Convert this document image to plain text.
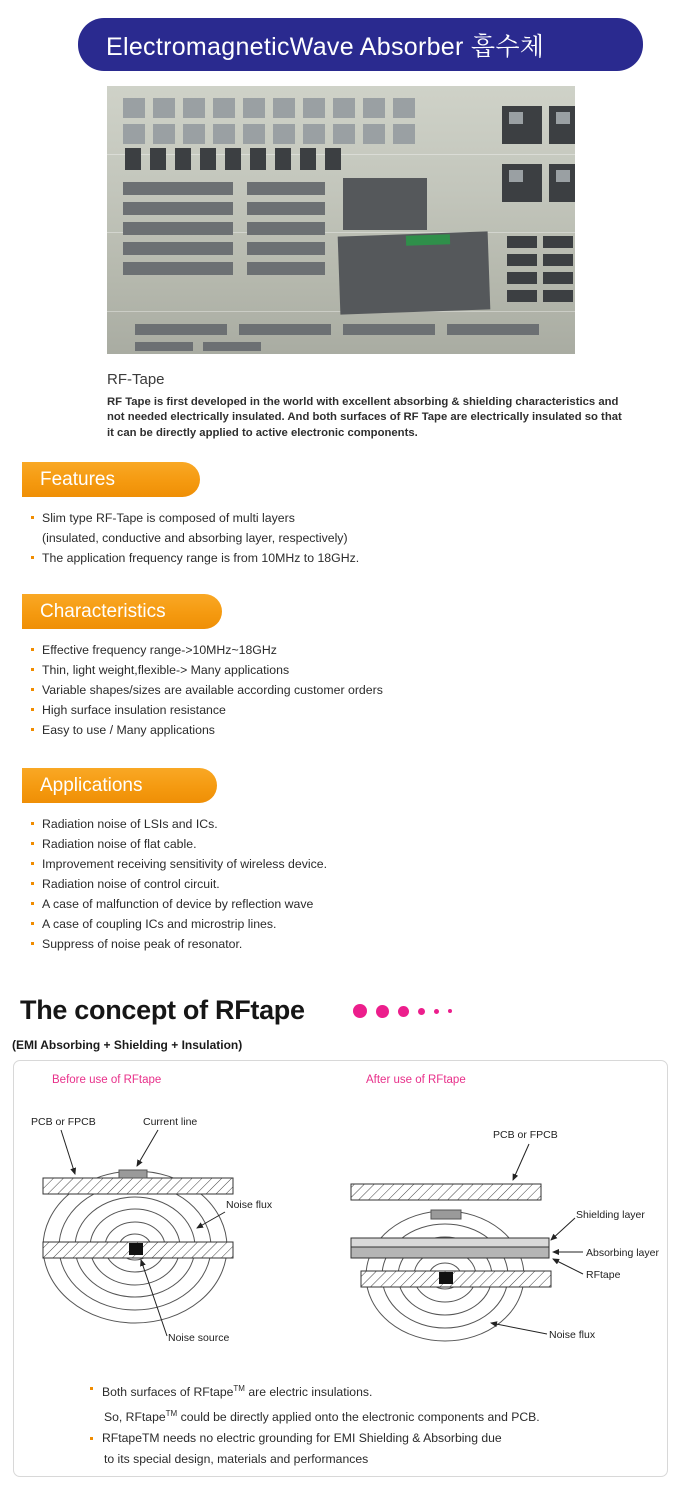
ElectromagneticWave Absorber 흡수체
RF-Tape
RF Tape is first developed in the world with excellent absorbing & shielding characteristics and not needed electrically insulated. And both surfaces of RF Tape are electrically insulated so that it can be directly applied to active electronic components.
Features
Slim type RF-Tape is composed of multi layers
(insulated, conductive and absorbing layer, respectively)
The application frequency range is from 10MHz to 18GHz.
Characteristics
Effective frequency range->10MHz~18GHz
Thin, light weight,flexible-> Many applications
Variable shapes/sizes are available according customer orders
High surface insulation resistance
Easy to use / Many applications
Applications
Radiation noise of LSIs and ICs.
Radiation noise of flat cable.
Improvement receiving sensitivity of wireless device.
Radiation noise of control circuit.
A case of malfunction of device by reflection wave
A case of coupling ICs and microstrip lines.
Suppress of noise peak of resonator.
The concept of RFtape
(EMI Absorbing + Shielding + Insulation)
Before use of RFtape	After use of RFtape
PCB or FPCB	Current line
Noise flux
Noise source
PCB or FPCB
Shielding layer
Absorbing layer
RFtape
Noise flux
Both surfaces of RFtape™ are electric insulations.
So, RFtape™ could be directly applied onto the electronic components and PCB.
RFtapeTM needs no electric grounding for EMI Shielding & Absorbing due
to its special design, materials and performances
